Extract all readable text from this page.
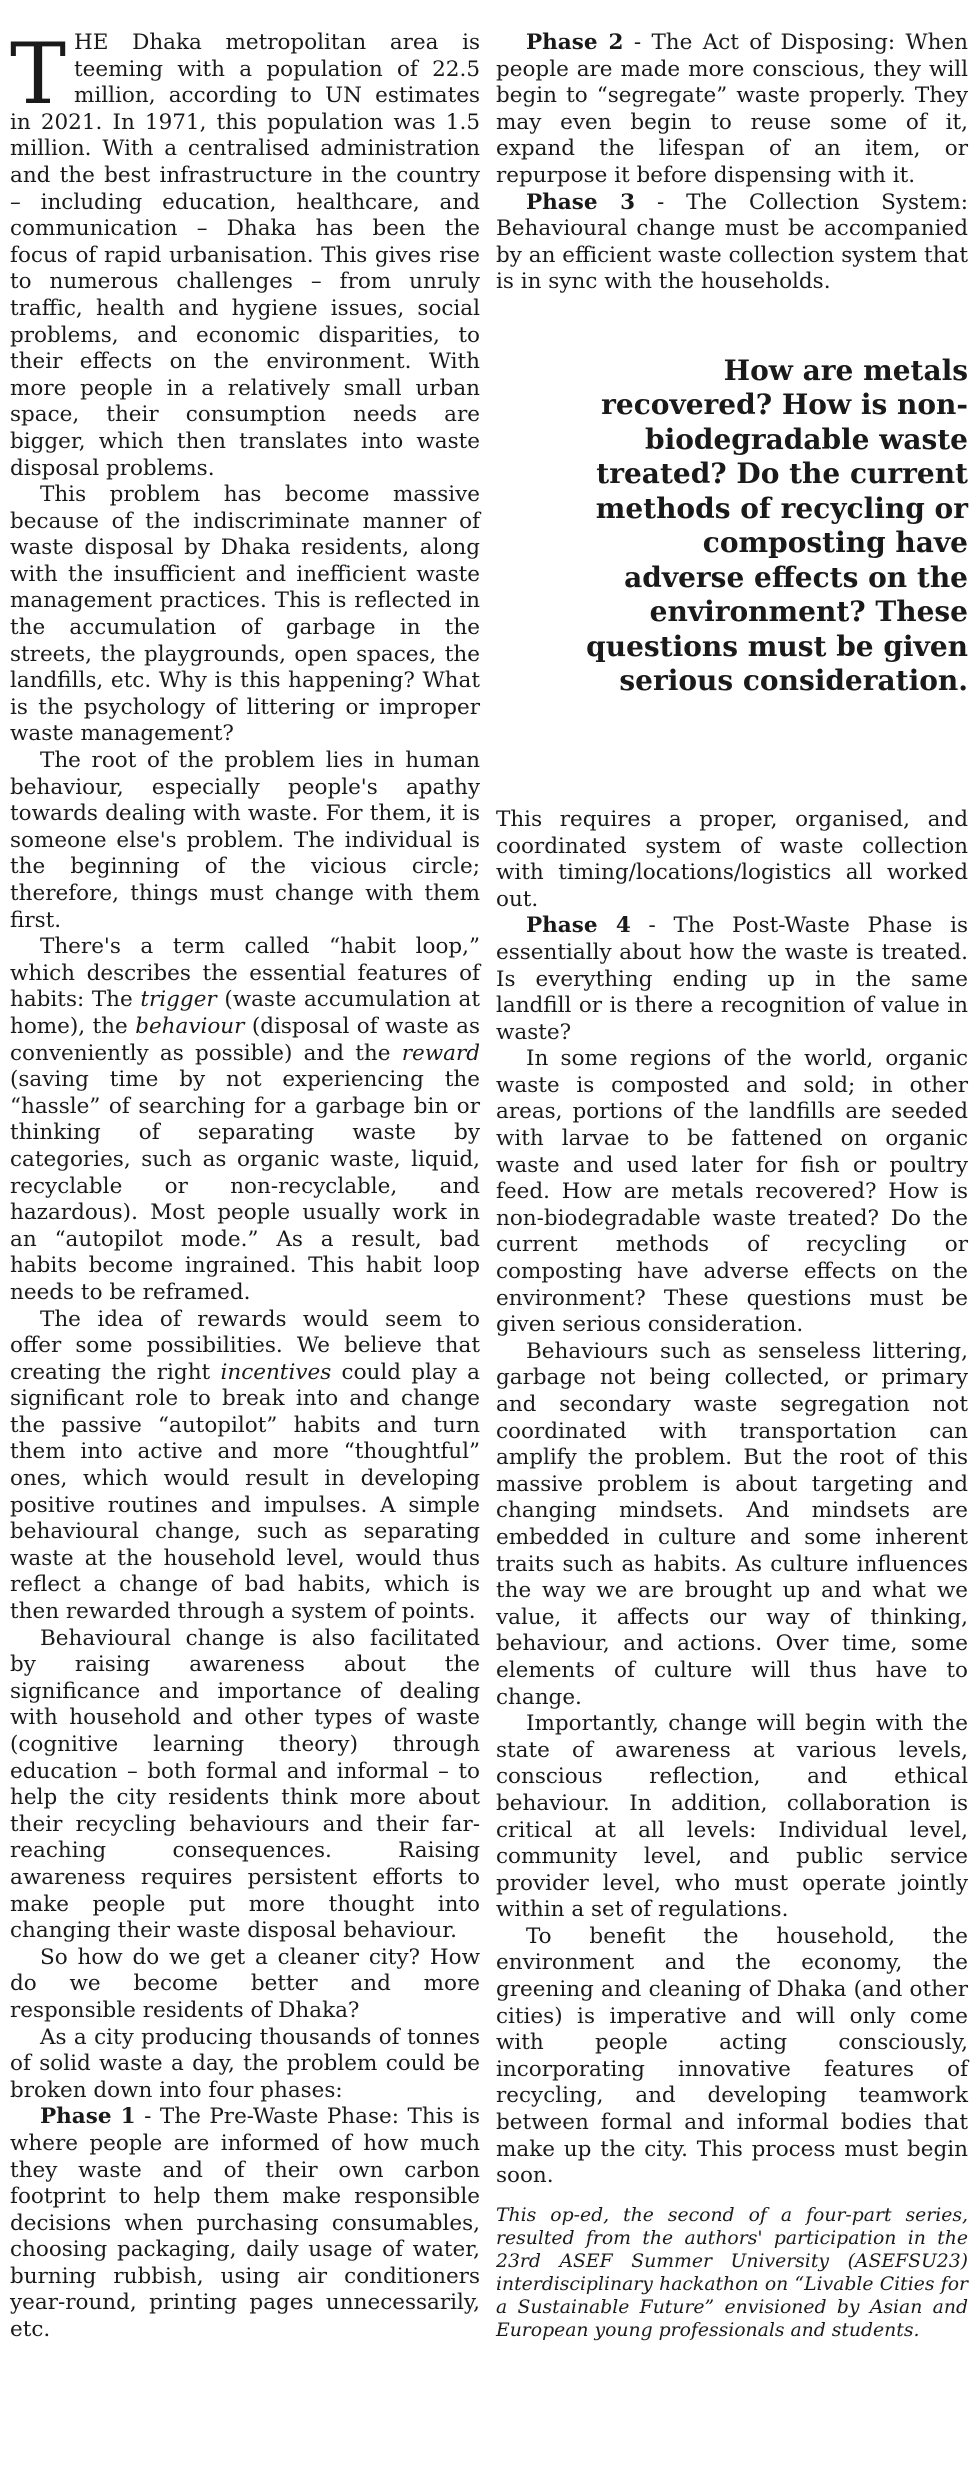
THE Dhaka metropolitan area is teeming with a population of 22.5 million, according to UN estimates in 2021. In 1971, this population was 1.5 million. With a centralised administration and the best infrastructure in the country – including education, healthcare, and communication – Dhaka has been the focus of rapid urbanisation. This gives rise to numerous challenges – from unruly traffic, health and hygiene issues, social problems, and economic disparities, to their effects on the environment. With more people in a relatively small urban space, their consumption needs are bigger, which then translates into waste disposal problems.

This problem has become massive because of the indiscriminate manner of waste disposal by Dhaka residents, along with the insufficient and inefficient waste management practices. This is reflected in the accumulation of garbage in the streets, the playgrounds, open spaces, the landfills, etc. Why is this happening? What is the psychology of littering or improper waste management?

The root of the problem lies in human behaviour, especially people's apathy towards dealing with waste. For them, it is someone else's problem. The individual is the beginning of the vicious circle; therefore, things must change with them first.

There's a term called “habit loop,” which describes the essential features of habits: The trigger (waste accumulation at home), the behaviour (disposal of waste as conveniently as possible) and the reward (saving time by not experiencing the “hassle” of searching for a garbage bin or thinking of separating waste by categories, such as organic waste, liquid, recyclable or non-recyclable, and hazardous). Most people usually work in an “autopilot mode.” As a result, bad habits become ingrained. This habit loop needs to be reframed.

The idea of rewards would seem to offer some possibilities. We believe that creating the right incentives could play a significant role to break into and change the passive “autopilot” habits and turn them into active and more “thoughtful” ones, which would result in developing positive routines and impulses. A simple behavioural change, such as separating waste at the household level, would thus reflect a change of bad habits, which is then rewarded through a system of points.

Behavioural change is also facilitated by raising awareness about the significance and importance of dealing with household and other types of waste (cognitive learning theory) through education – both formal and informal – to help the city residents think more about their recycling behaviours and their far-reaching consequences. Raising awareness requires persistent efforts to make people put more thought into changing their waste disposal behaviour.

So how do we get a cleaner city? How do we become better and more responsible residents of Dhaka?

As a city producing thousands of tonnes of solid waste a day, the problem could be broken down into four phases:

Phase 1 - The Pre-Waste Phase: This is where people are informed of how much they waste and of their own carbon footprint to help them make responsible decisions when purchasing consumables, choosing packaging, daily usage of water, burning rubbish, using air conditioners year-round, printing pages unnecessarily, etc.

Phase 2 - The Act of Disposing: When people are made more conscious, they will begin to “segregate” waste properly. They may even begin to reuse some of it, expand the lifespan of an item, or repurpose it before dispensing with it.

Phase 3 - The Collection System: Behavioural change must be accompanied by an efficient waste collection system that is in sync with the households.

How are metals recovered? How is non-biodegradable waste treated? Do the current methods of recycling or composting have adverse effects on the environment? These questions must be given serious consideration.

This requires a proper, organised, and coordinated system of waste collection with timing/locations/logistics all worked out.

Phase 4 - The Post-Waste Phase is essentially about how the waste is treated. Is everything ending up in the same landfill or is there a recognition of value in waste?

In some regions of the world, organic waste is composted and sold; in other areas, portions of the landfills are seeded with larvae to be fattened on organic waste and used later for fish or poultry feed. How are metals recovered? How is non-biodegradable waste treated? Do the current methods of recycling or composting have adverse effects on the environment? These questions must be given serious consideration.

Behaviours such as senseless littering, garbage not being collected, or primary and secondary waste segregation not coordinated with transportation can amplify the problem. But the root of this massive problem is about targeting and changing mindsets. And mindsets are embedded in culture and some inherent traits such as habits. As culture influences the way we are brought up and what we value, it affects our way of thinking, behaviour, and actions. Over time, some elements of culture will thus have to change.

Importantly, change will begin with the state of awareness at various levels, conscious reflection, and ethical behaviour. In addition, collaboration is critical at all levels: Individual level, community level, and public service provider level, who must operate jointly within a set of regulations.

To benefit the household, the environment and the economy, the greening and cleaning of Dhaka (and other cities) is imperative and will only come with people acting consciously, incorporating innovative features of recycling, and developing teamwork between formal and informal bodies that make up the city. This process must begin soon.

This op-ed, the second of a four-part series, resulted from the authors' participation in the 23rd ASEF Summer University (ASEFSU23) interdisciplinary hackathon on “Livable Cities for a Sustainable Future” envisioned by Asian and European young professionals and students.
